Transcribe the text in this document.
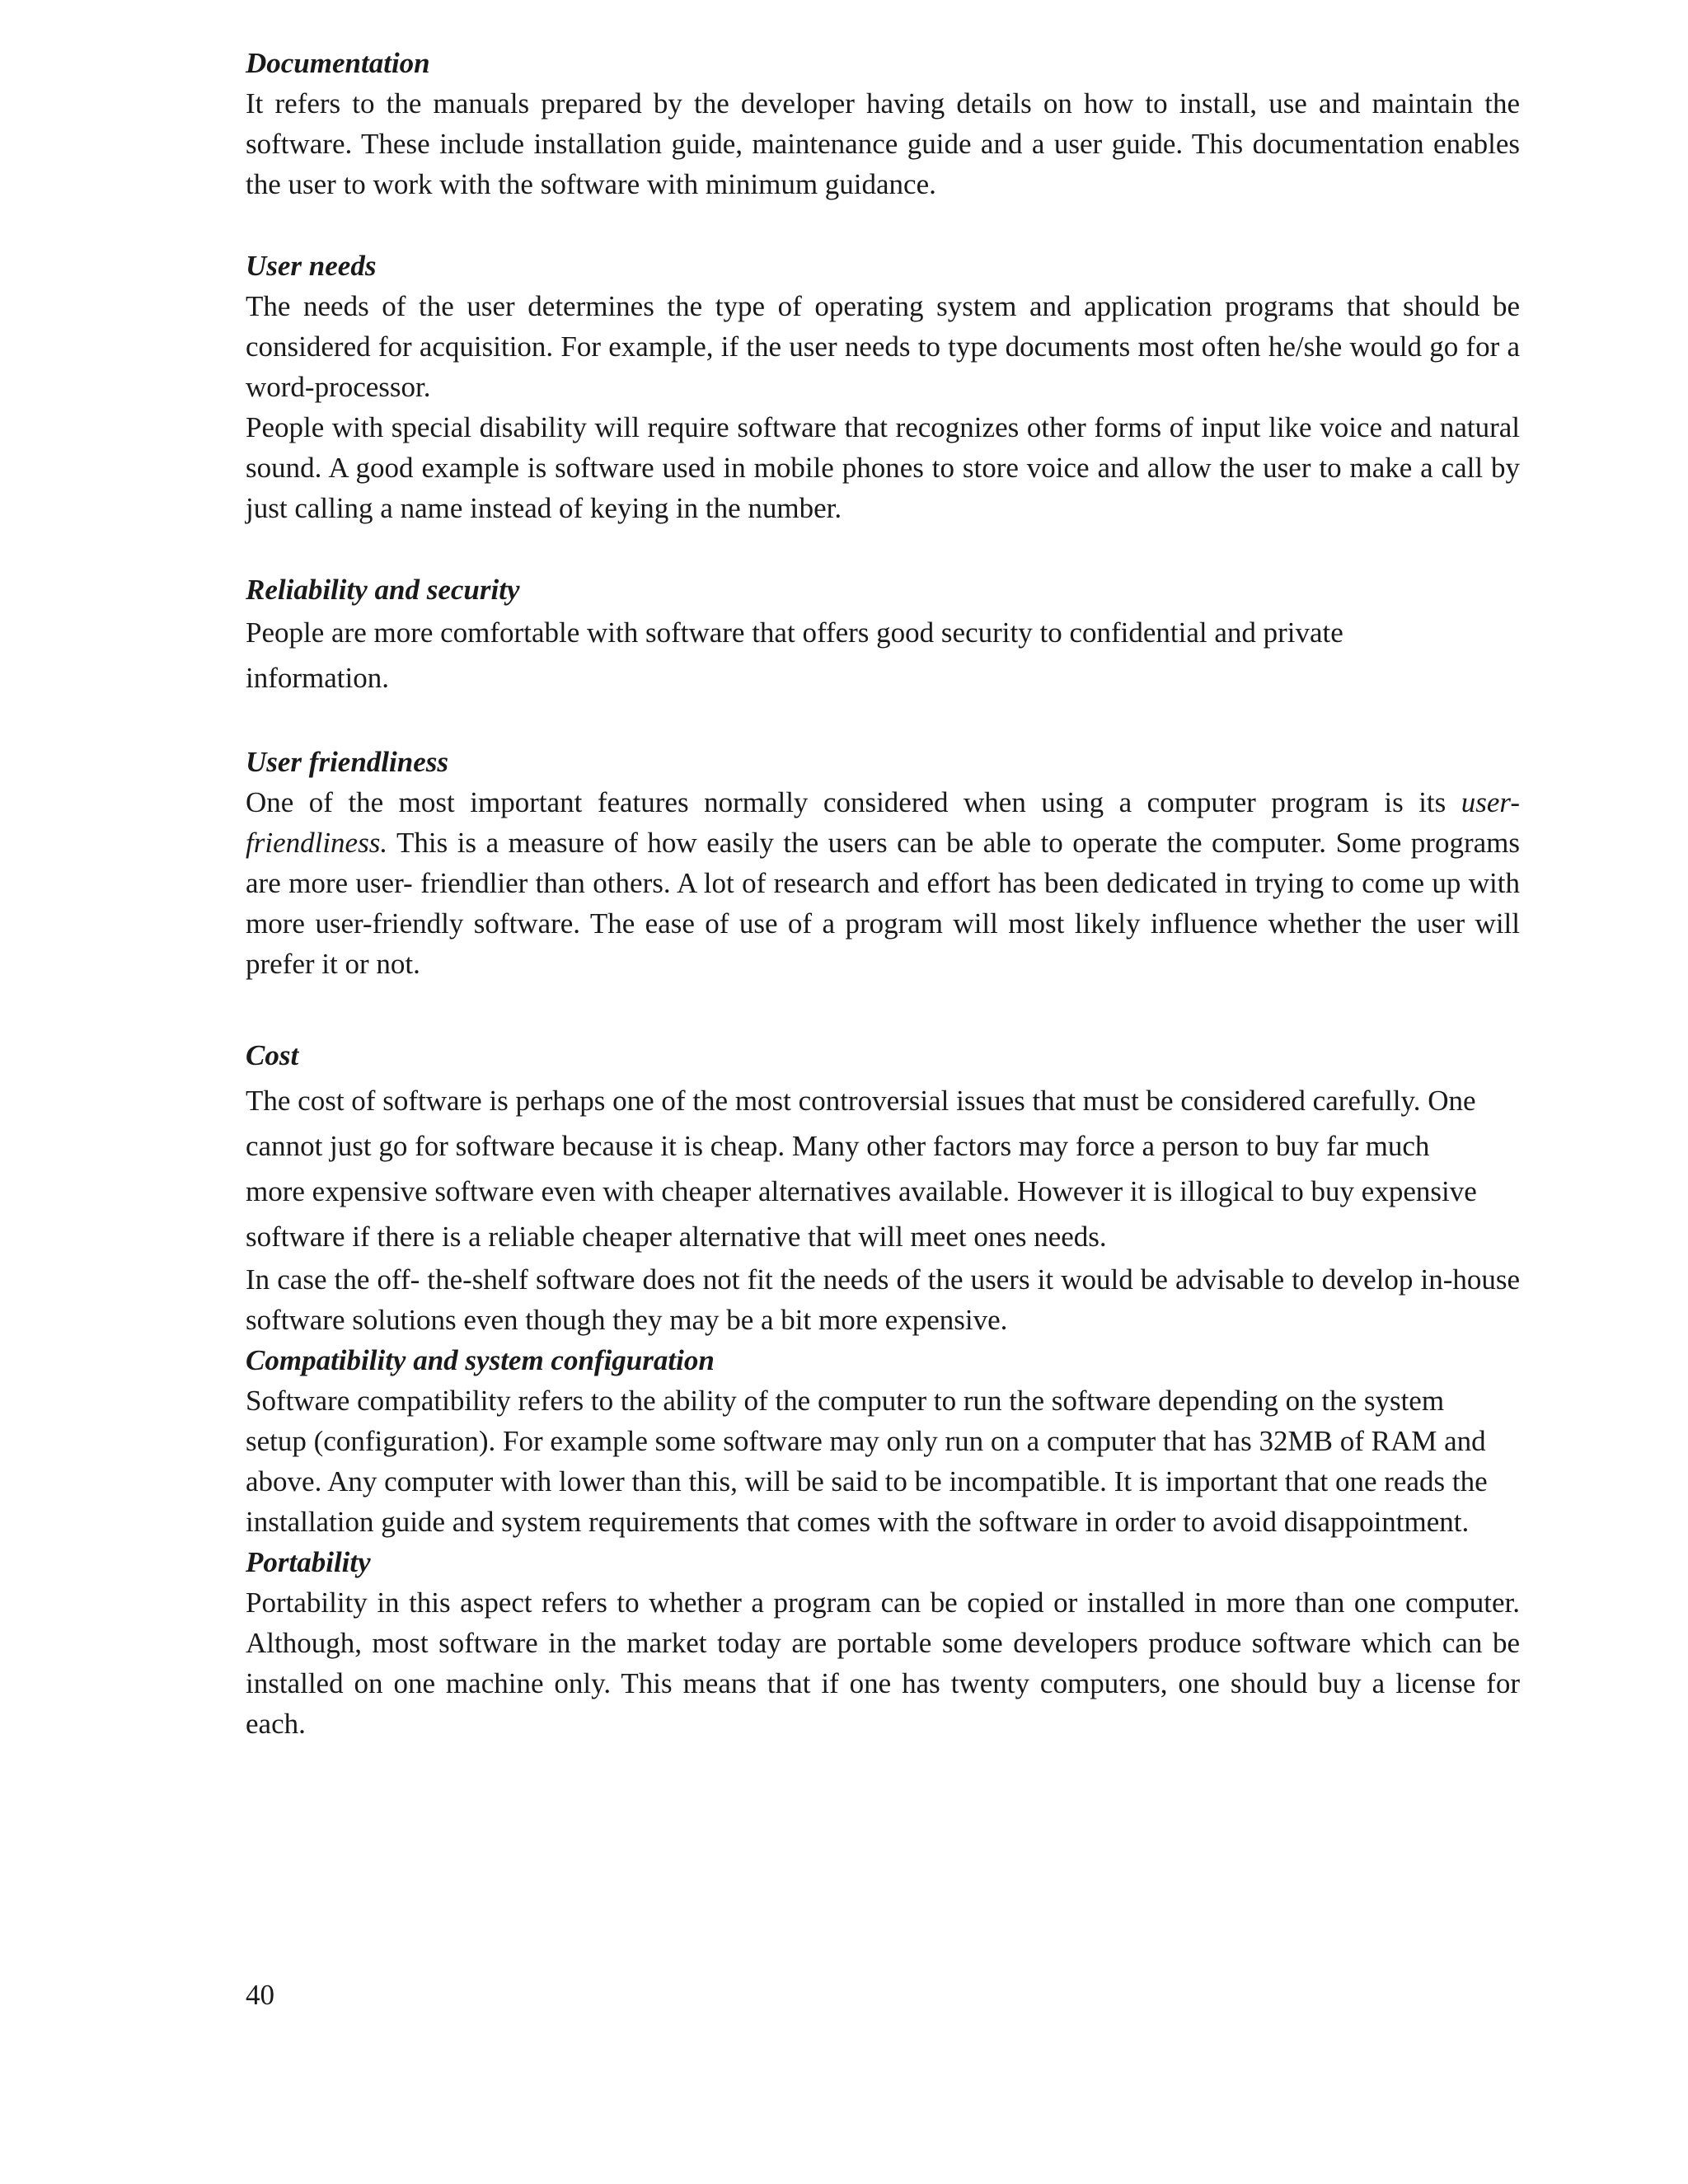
Documentation

It refers to the manuals prepared by the developer having details on how to install, use and maintain the software. These include installation guide, maintenance guide and a user guide. This documentation enables the user to work with the software with minimum guidance.

User needs

The needs of the user determines the type of operating system and application programs that should be considered for acquisition. For example, if the user needs to type documents most often he/she would go for a word-processor.

People with special disability will require software that recognizes other forms of input like voice and natural sound. A good example is software used in mobile phones to store voice and allow the user to make a call by just calling a name instead of keying in the number.

Reliability and security

People are more comfortable with software that offers good security to confidential and private information.

User friendliness

One of the most important features normally considered when using a computer program is its user-friendliness. This is a measure of how easily the users can be able to operate the computer. Some programs are more user- friendlier than others. A lot of research and effort has been dedicated in trying to come up with more user-friendly software. The ease of use of a program will most likely influence whether the user will prefer it or not.

Cost

The cost of software is perhaps one of the most controversial issues that must be considered carefully. One cannot just go for software because it is cheap. Many other factors may force a person to buy far much more expensive software even with cheaper alternatives available. However it is illogical to buy expensive software if there is a reliable cheaper alternative that will meet ones needs.

In case the off- the-shelf software does not fit the needs of the users it would be advisable to develop in-house software solutions even though they may be a bit more expensive.

Compatibility and system configuration

Software compatibility refers to the ability of the computer to run the software depending on the system setup (configuration). For example some software may only run on a computer that has 32MB of RAM and above. Any computer with lower than this, will be said to be incompatible. It is important that one reads the installation guide and system requirements that comes with the software in order to avoid disappointment.

Portability

Portability in this aspect refers to whether a program can be copied or installed in more than one computer. Although, most software in the market today are portable some developers produce software which can be installed on one machine only. This means that if one has twenty computers, one should buy a license for each.

40
